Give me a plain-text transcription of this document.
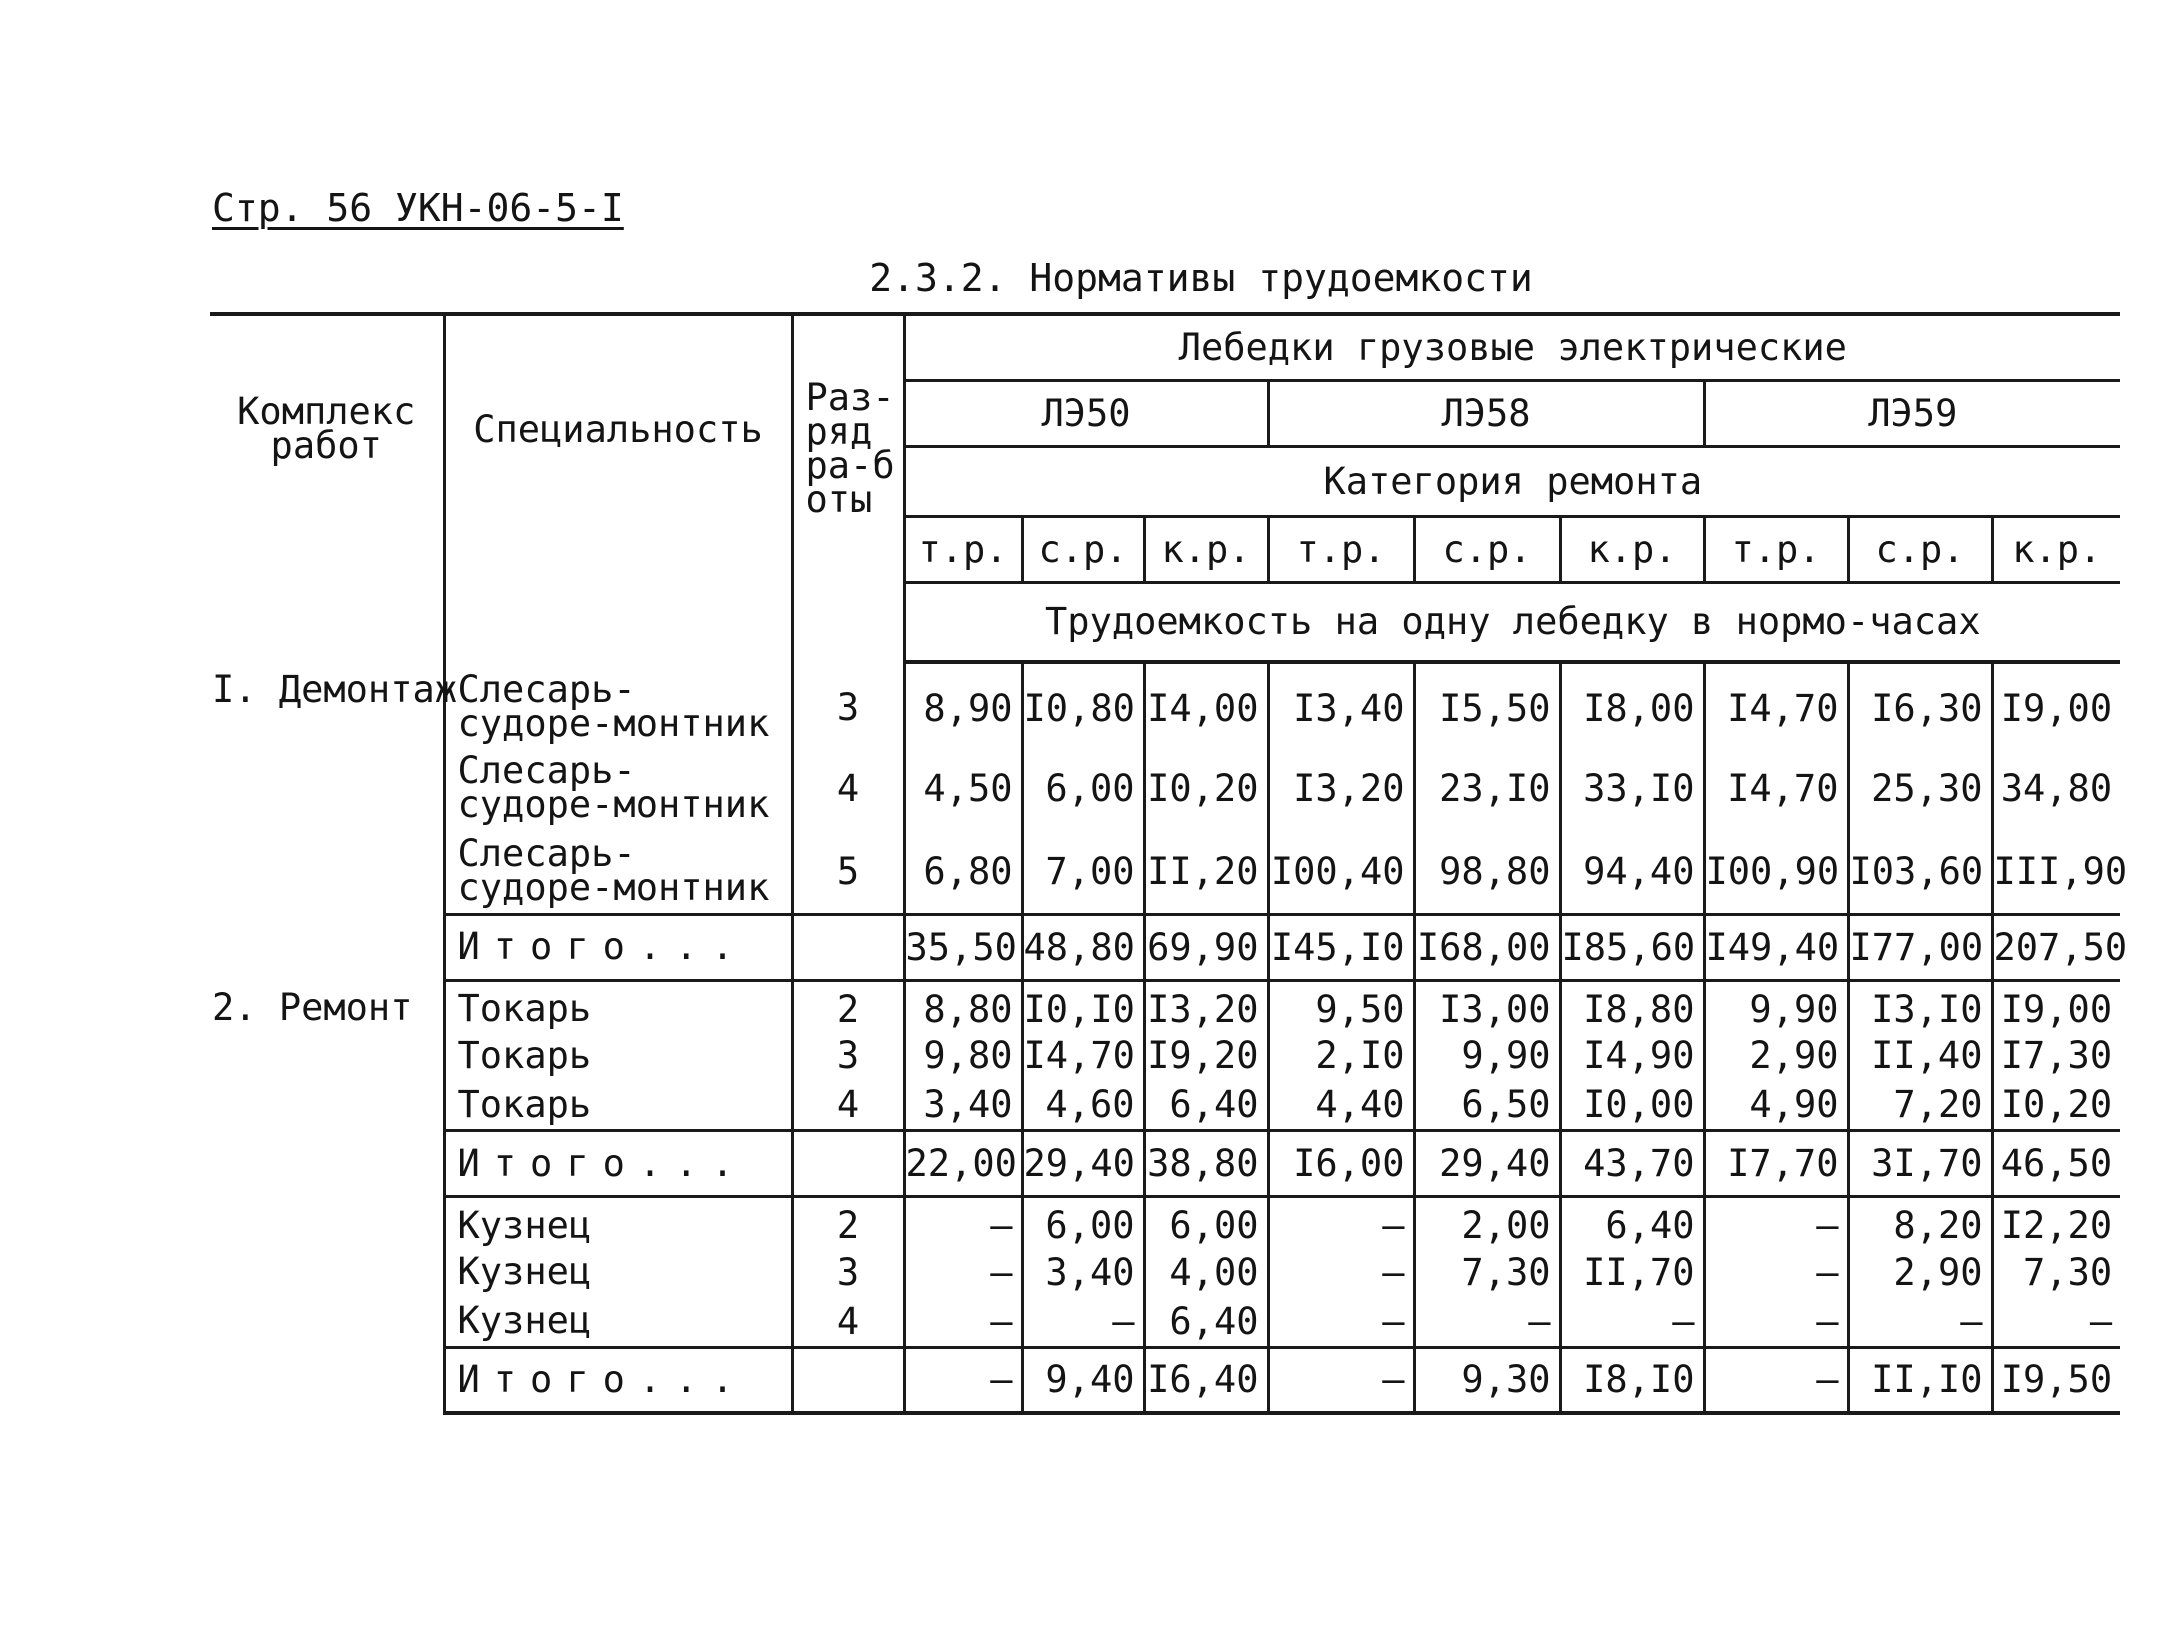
Стр. 56 УКН-06-5-I
2.3.2. Нормативы трудоемкости
Комплекс работ	Специальность	Раз-ряд ра-боты	Лебедки грузовые электрические								
			ЛЭ50			ЛЭ58			ЛЭ59		
			Категория ремонта								
			т.р.	с.р.	к.р.	т.р.	с.р.	к.р.	т.р.	с.р.	к.р.
			Трудоемкость на одну лебедку в нормо-часах								
I. Демонтаж	Слесарь-судоре-монтник	3	8,90	I0,80	I4,00	I3,40	I5,50	I8,00	I4,70	I6,30	I9,00
	Слесарь-судоре-монтник	4	4,50	6,00	I0,20	I3,20	23,I0	33,I0	I4,70	25,30	34,80
	Слесарь-судоре-монтник	5	6,80	7,00	II,20	I00,40	98,80	94,40	I00,90	I03,60	III,90
	Итого...		35,50	48,80	69,90	I45,I0	I68,00	I85,60	I49,40	I77,00	207,50
2. Ремонт	Токарь	2	8,80	I0,I0	I3,20	9,50	I3,00	I8,80	9,90	I3,I0	I9,00
	Токарь	3	9,80	I4,70	I9,20	2,I0	9,90	I4,90	2,90	II,40	I7,30
	Токарь	4	3,40	4,60	6,40	4,40	6,50	I0,00	4,90	7,20	I0,20
	Итого...		22,00	29,40	38,80	I6,00	29,40	43,70	I7,70	3I,70	46,50
	Кузнец	2	–	6,00	6,00	–	2,00	6,40	–	8,20	I2,20
	Кузнец	3	–	3,40	4,00	–	7,30	II,70	–	2,90	7,30
	Кузнец	4	–	–	6,40	–	–	–	–	–	–
	Итого...		–	9,40	I6,40	–	9,30	I8,I0	–	II,I0	I9,50
